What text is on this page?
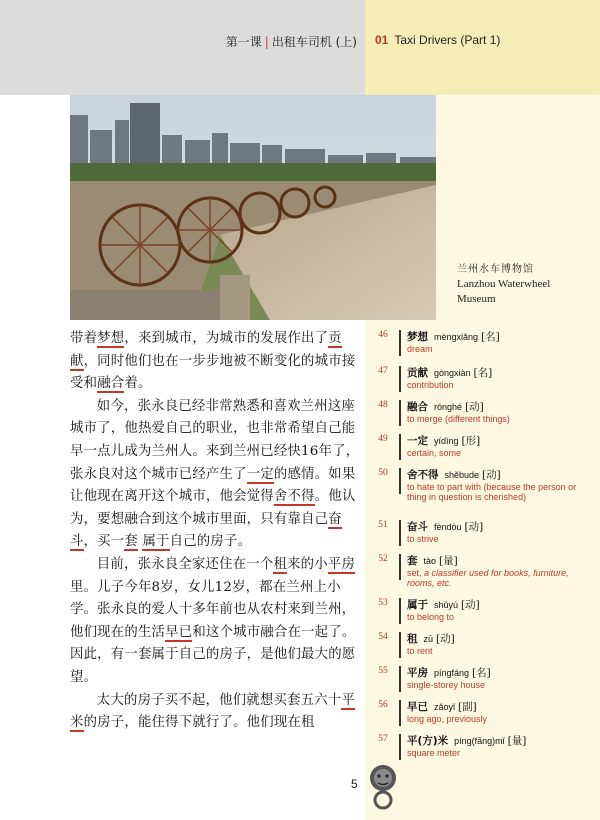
第一课 | 出租车司机 (上) 01 Taxi Drivers (Part 1)
兰州水车博物馆
Lanzhou Waterwheel
Museum

带着梦想，来到城市，为城市的发展作出了贡献，同时他们也在一步步地被不断变化的城市接受和融合着。

如今，张永良已经非常熟悉和喜欢兰州这座城市了，他热爱自己的职业，也非常希望自己能早一点儿成为兰州人。来到兰州已经快16年了，张永良对这个城市已经产生了一定的感情。如果让他现在离开这个城市，他会觉得舍不得。他认为，要想融合到这个城市里面，只有靠自己奋斗，买一套 属于自己的房子。

目前，张永良全家还住在一个租来的小平房里。儿子今年8岁，女儿12岁，都在兰州上小学。张永良的爱人十多年前也从农村来到兰州，他们现在的生活早已和这个城市融合在一起了。因此，有一套属于自己的房子，是他们最大的愿望。

太大的房子买不起，他们就想买套五六十平米的房子，能住得下就行了。他们现在租

46	梦想 mèngxiǎng [名]
dream
47	贡献 gòngxiàn [名]
contribution
48	融合 rónghé [动]
to merge (different things)
49	一定 yídìng [形]
certain, some
50	舍不得 shěbude [动]
to hate to part with (because the person or thing in question is cherished)
51	奋斗 fèndòu [动]
to strive
52	套 tào [量]
set, a classifier used for books, furniture, rooms, etc.
53	属于 shǔyú [动]
to belong to
54	租 zū [动]
to rent
55	平房 píngfáng [名]
single-storey house
56	早已 zǎoyǐ [副]
long ago, previously
57	平(方)米 píng(fāng)mǐ [量]
square meter
5
